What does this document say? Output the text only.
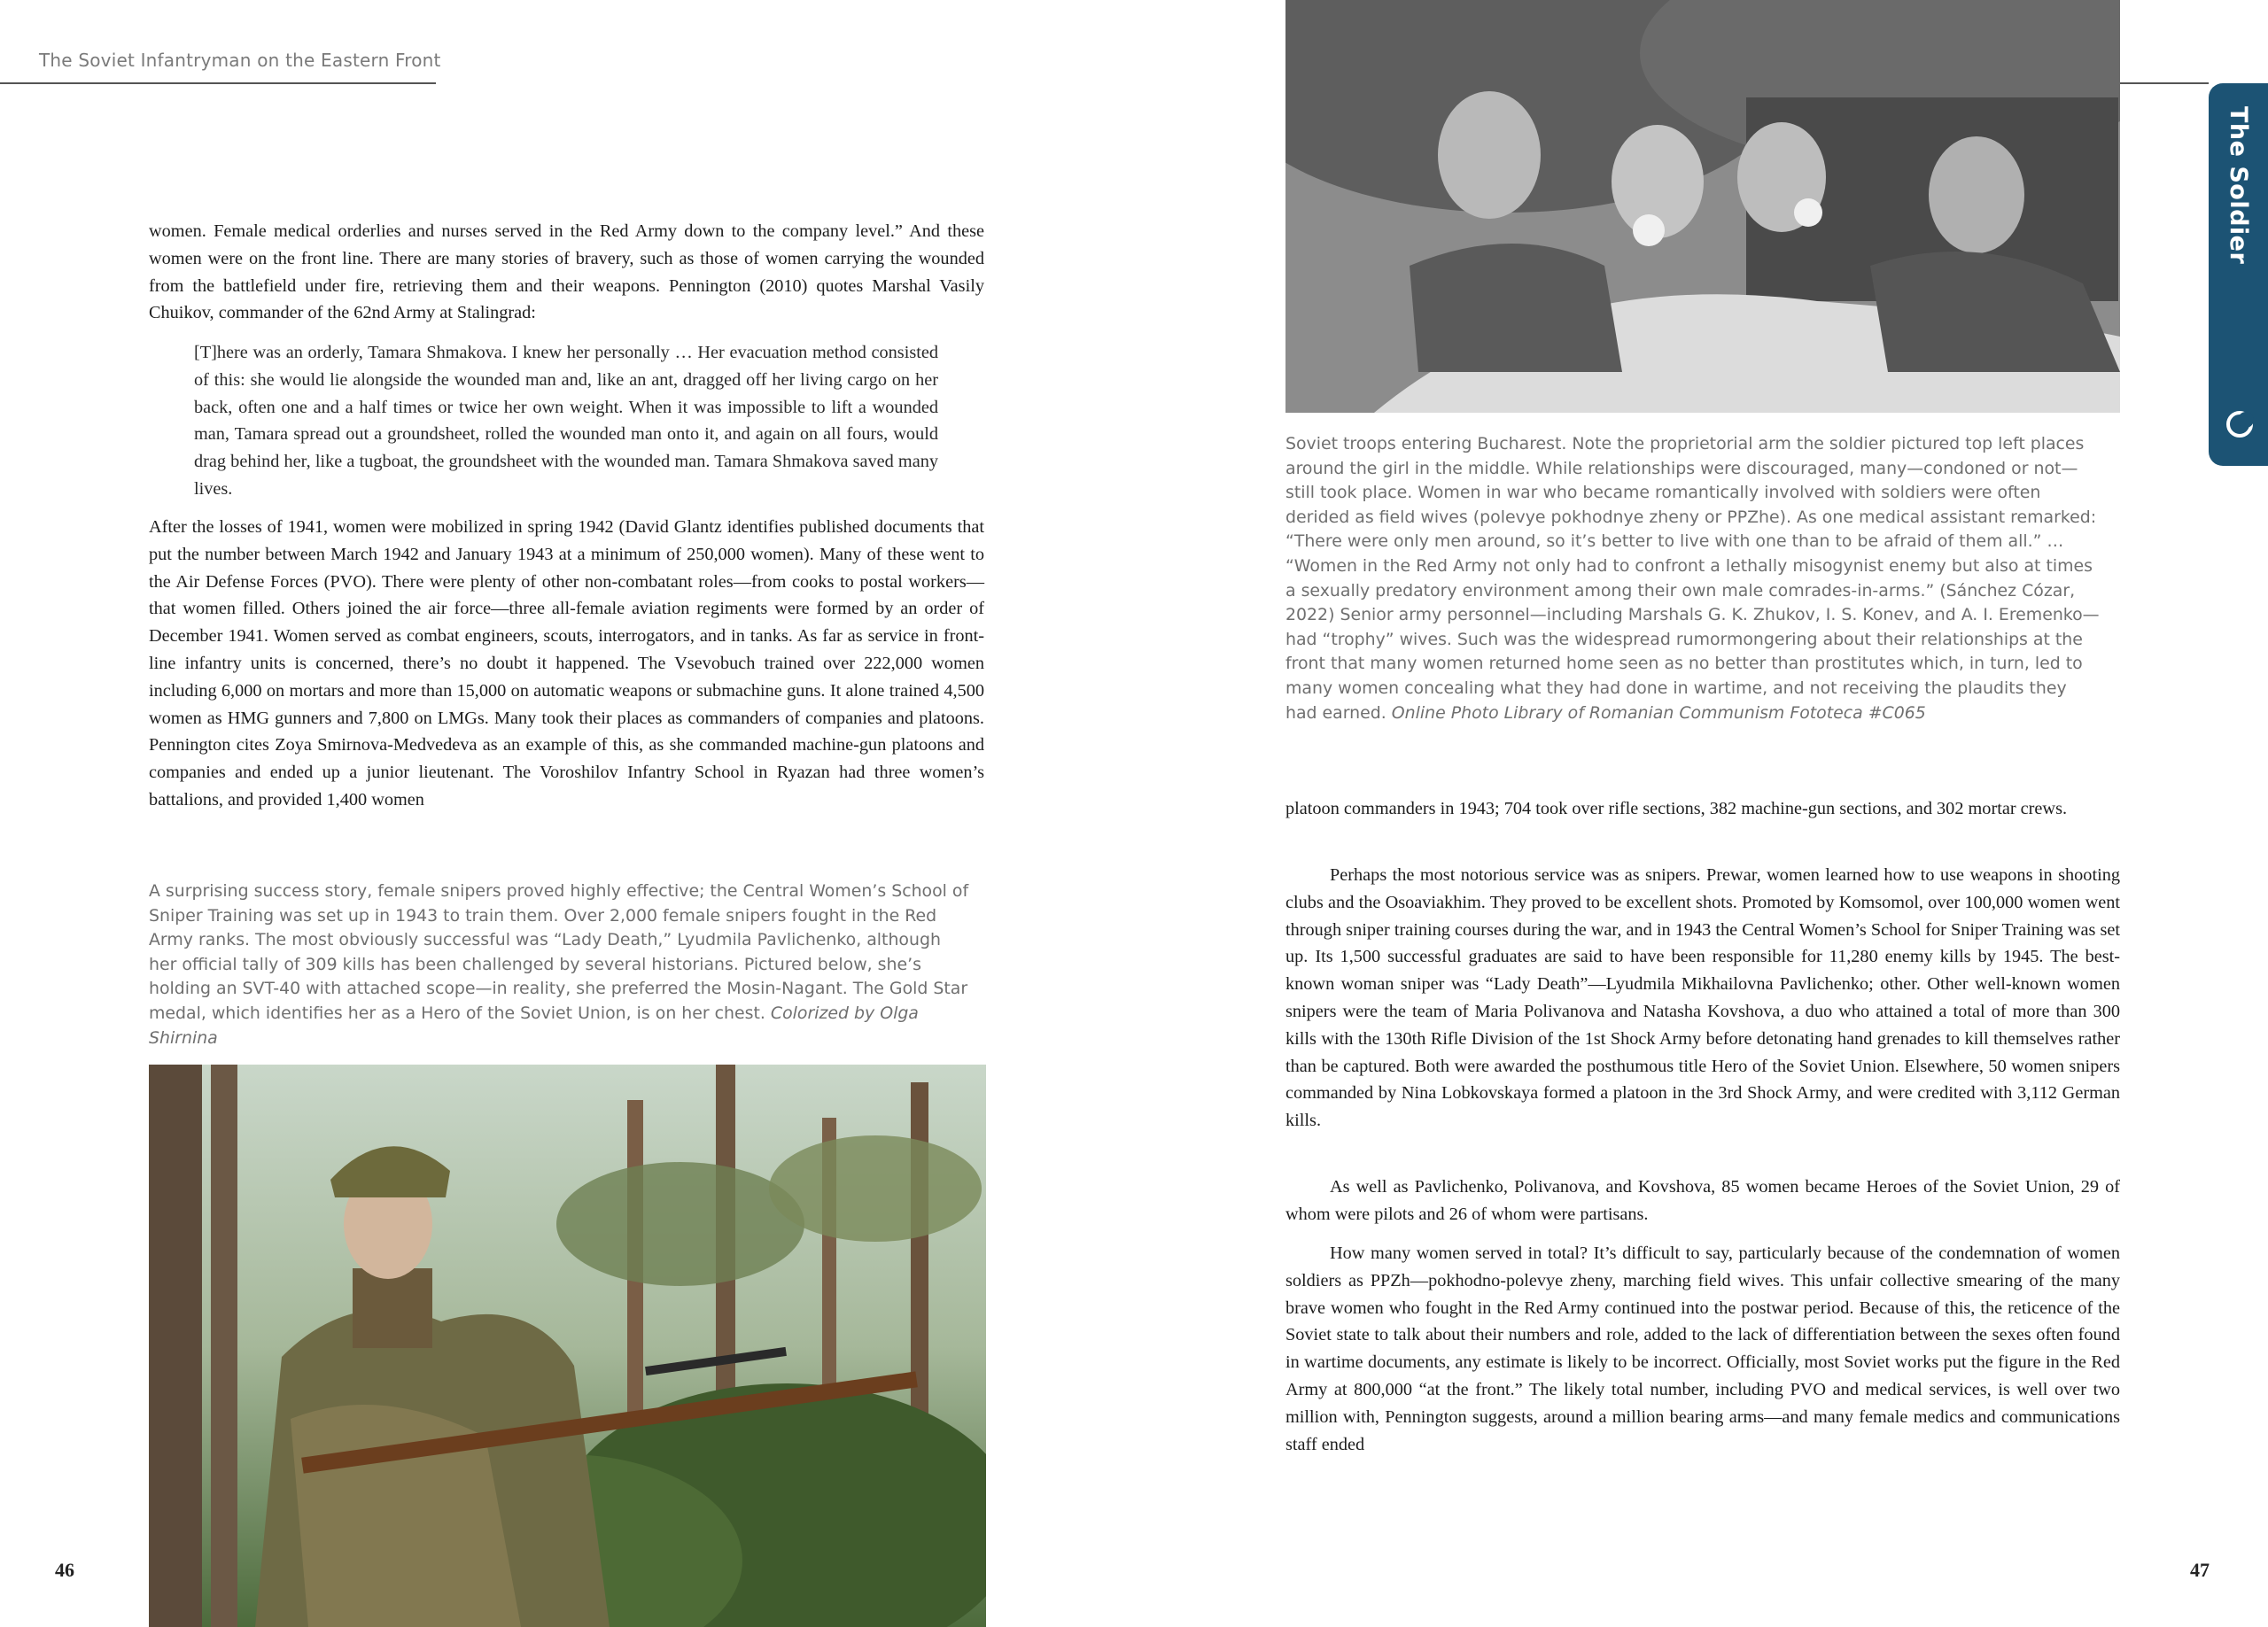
The Soviet Infantryman on the Eastern Front
The Soldier

women. Female medical orderlies and nurses served in the Red Army down to the company level.” And these women were on the front line. There are many stories of bravery, such as those of women carrying the wounded from the battlefield under fire, retrieving them and their weapons. Pennington (2010) quotes Marshal Vasily Chuikov, commander of the 62nd Army at Stalingrad:

[T]here was an orderly, Tamara Shmakova. I knew her personally … Her evacuation method consisted of this: she would lie alongside the wounded man and, like an ant, dragged off her living cargo on her back, often one and a half times or twice her own weight. When it was impossible to lift a wounded man, Tamara spread out a groundsheet, rolled the wounded man onto it, and again on all fours, would drag behind her, like a tugboat, the groundsheet with the wounded man. Tamara Shmakova saved many lives.

After the losses of 1941, women were mobilized in spring 1942 (David Glantz identifies published documents that put the number between March 1942 and January 1943 at a minimum of 250,000 women). Many of these went to the Air Defense Forces (PVO). There were plenty of other non-combatant roles—from cooks to postal workers—that women filled. Others joined the air force—three all-female aviation regiments were formed by an order of December 1941. Women served as combat engineers, scouts, interrogators, and in tanks. As far as service in front-line infantry units is concerned, there’s no doubt it happened. The Vsevobuch trained over 222,000 women including 6,000 on mortars and more than 15,000 on automatic weapons or submachine guns. It alone trained 4,500 women as HMG gunners and 7,800 on LMGs. Many took their places as commanders of companies and platoons. Pennington cites Zoya Smirnova-Medvedeva as an example of this, as she commanded machine-gun platoons and companies and ended up a junior lieutenant. The Voroshilov Infantry School in Ryazan had three women’s battalions, and provided 1,400 women

A surprising success story, female snipers proved highly effective; the Central Women’s School of Sniper Training was set up in 1943 to train them. Over 2,000 female snipers fought in the Red Army ranks. The most obviously successful was “Lady Death,” Lyudmila Pavlichenko, although her official tally of 309 kills has been challenged by several historians. Pictured below, she’s holding an SVT-40 with attached scope—in reality, she preferred the Mosin-Nagant. The Gold Star medal, which identifies her as a Hero of the Soviet Union, is on her chest. Colorized by Olga Shirnina

46

Soviet troops entering Bucharest. Note the proprietorial arm the soldier pictured top left places around the girl in the middle. While relationships were discouraged, many—condoned or not— still took place. Women in war who became romantically involved with soldiers were often derided as field wives (polevye pokhodnye zheny or PPZhe). As one medical assistant remarked: “There were only men around, so it’s better to live with one than to be afraid of them all.” … “Women in the Red Army not only had to confront a lethally misogynist enemy but also at times a sexually predatory environment among their own male comrades-in-arms.” (Sánchez Cózar, 2022) Senior army personnel—including Marshals G. K. Zhukov, I. S. Konev, and A. I. Eremenko—had “trophy” wives. Such was the widespread rumormongering about their relationships at the front that many women returned home seen as no better than prostitutes which, in turn, led to many women concealing what they had done in wartime, and not receiving the plaudits they had earned. Online Photo Library of Romanian Communism Fototeca #C065

platoon commanders in 1943; 704 took over rifle sections, 382 machine-gun sections, and 302 mortar crews.

Perhaps the most notorious service was as snipers. Prewar, women learned how to use weapons in shooting clubs and the Osoaviakhim. They proved to be excellent shots. Promoted by Komsomol, over 100,000 women went through sniper training courses during the war, and in 1943 the Central Women’s School for Sniper Training was set up. Its 1,500 successful graduates are said to have been responsible for 11,280 enemy kills by 1945. The best-known woman sniper was “Lady Death”—Lyudmila Mikhailovna Pavlichenko; other. Other well-known women snipers were the team of Maria Polivanova and Natasha Kovshova, a duo who attained a total of more than 300 kills with the 130th Rifle Division of the 1st Shock Army before detonating hand grenades to kill themselves rather than be captured. Both were awarded the posthumous title Hero of the Soviet Union. Elsewhere, 50 women snipers commanded by Nina Lobkovskaya formed a platoon in the 3rd Shock Army, and were credited with 3,112 German kills.

As well as Pavlichenko, Polivanova, and Kovshova, 85 women became Heroes of the Soviet Union, 29 of whom were pilots and 26 of whom were partisans.

How many women served in total? It’s difficult to say, particularly because of the condemnation of women soldiers as PPZh—pokhodno-polevye zheny, marching field wives. This unfair collective smearing of the many brave women who fought in the Red Army continued into the postwar period. Because of this, the reticence of the Soviet state to talk about their numbers and role, added to the lack of differentiation between the sexes often found in wartime documents, any estimate is likely to be incorrect. Officially, most Soviet works put the figure in the Red Army at 800,000 “at the front.” The likely total number, including PVO and medical services, is well over two million with, Pennington suggests, around a million bearing arms—and many female medics and communications staff ended

47
